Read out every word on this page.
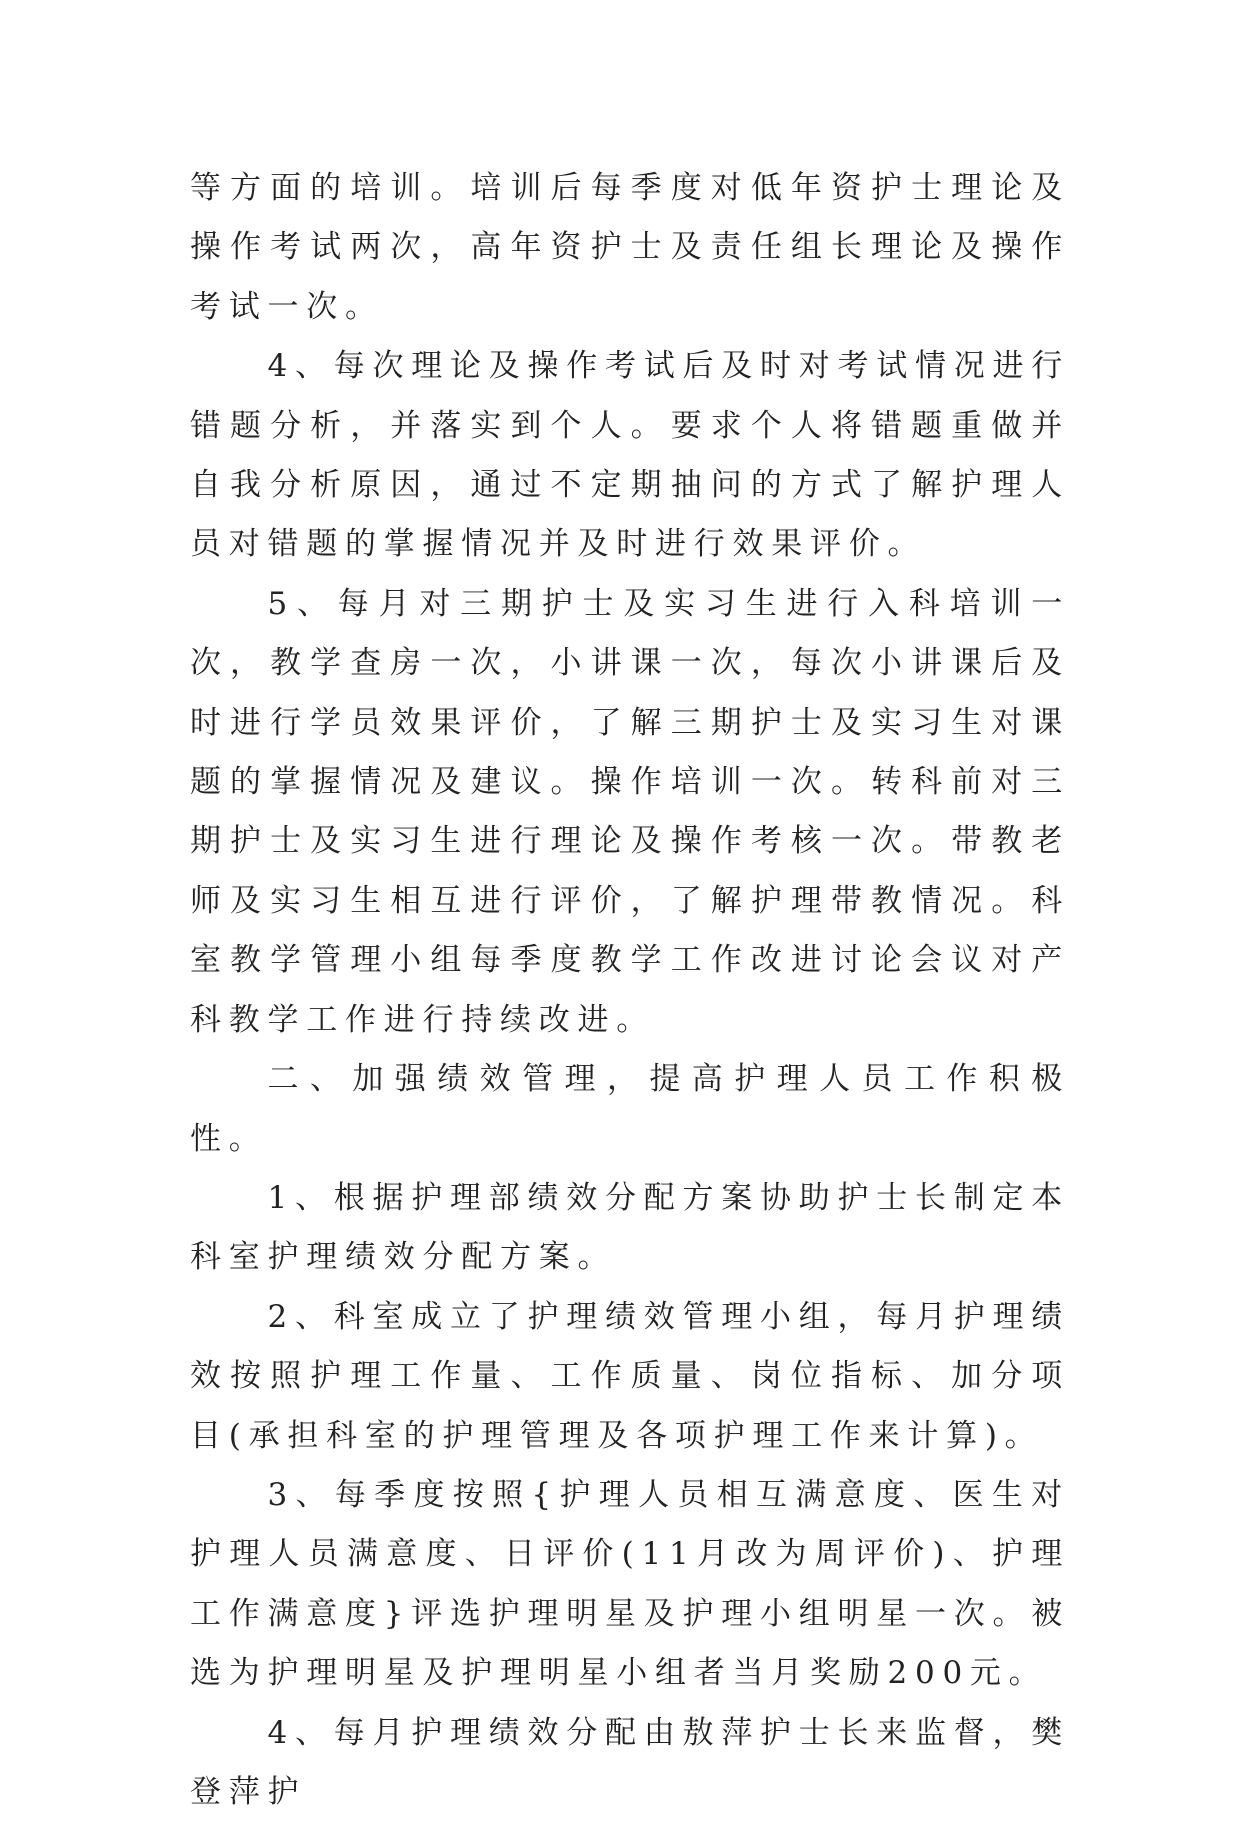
等方面的培训。培训后每季度对低年资护士理论及操作考试两次，高年资护士及责任组长理论及操作考试一次。

4、每次理论及操作考试后及时对考试情况进行错题分析，并落实到个人。要求个人将错题重做并自我分析原因，通过不定期抽问的方式了解护理人员对错题的掌握情况并及时进行效果评价。

5、每月对三期护士及实习生进行入科培训一次，教学查房一次，小讲课一次，每次小讲课后及时进行学员效果评价，了解三期护士及实习生对课题的掌握情况及建议。操作培训一次。转科前对三期护士及实习生进行理论及操作考核一次。带教老师及实习生相互进行评价，了解护理带教情况。科室教学管理小组每季度教学工作改进讨论会议对产科教学工作进行持续改进。

二、加强绩效管理，提高护理人员工作积极性。

1、根据护理部绩效分配方案协助护士长制定本科室护理绩效分配方案。

2、科室成立了护理绩效管理小组，每月护理绩效按照护理工作量、工作质量、岗位指标、加分项目(承担科室的护理管理及各项护理工作来计算)。

3、每季度按照{护理人员相互满意度、医生对护理人员满意度、日评价(11月改为周评价)、护理工作满意度}评选护理明星及护理小组明星一次。被选为护理明星及护理明星小组者当月奖励200元。

4、每月护理绩效分配由敖萍护士长来监督，樊登萍护
